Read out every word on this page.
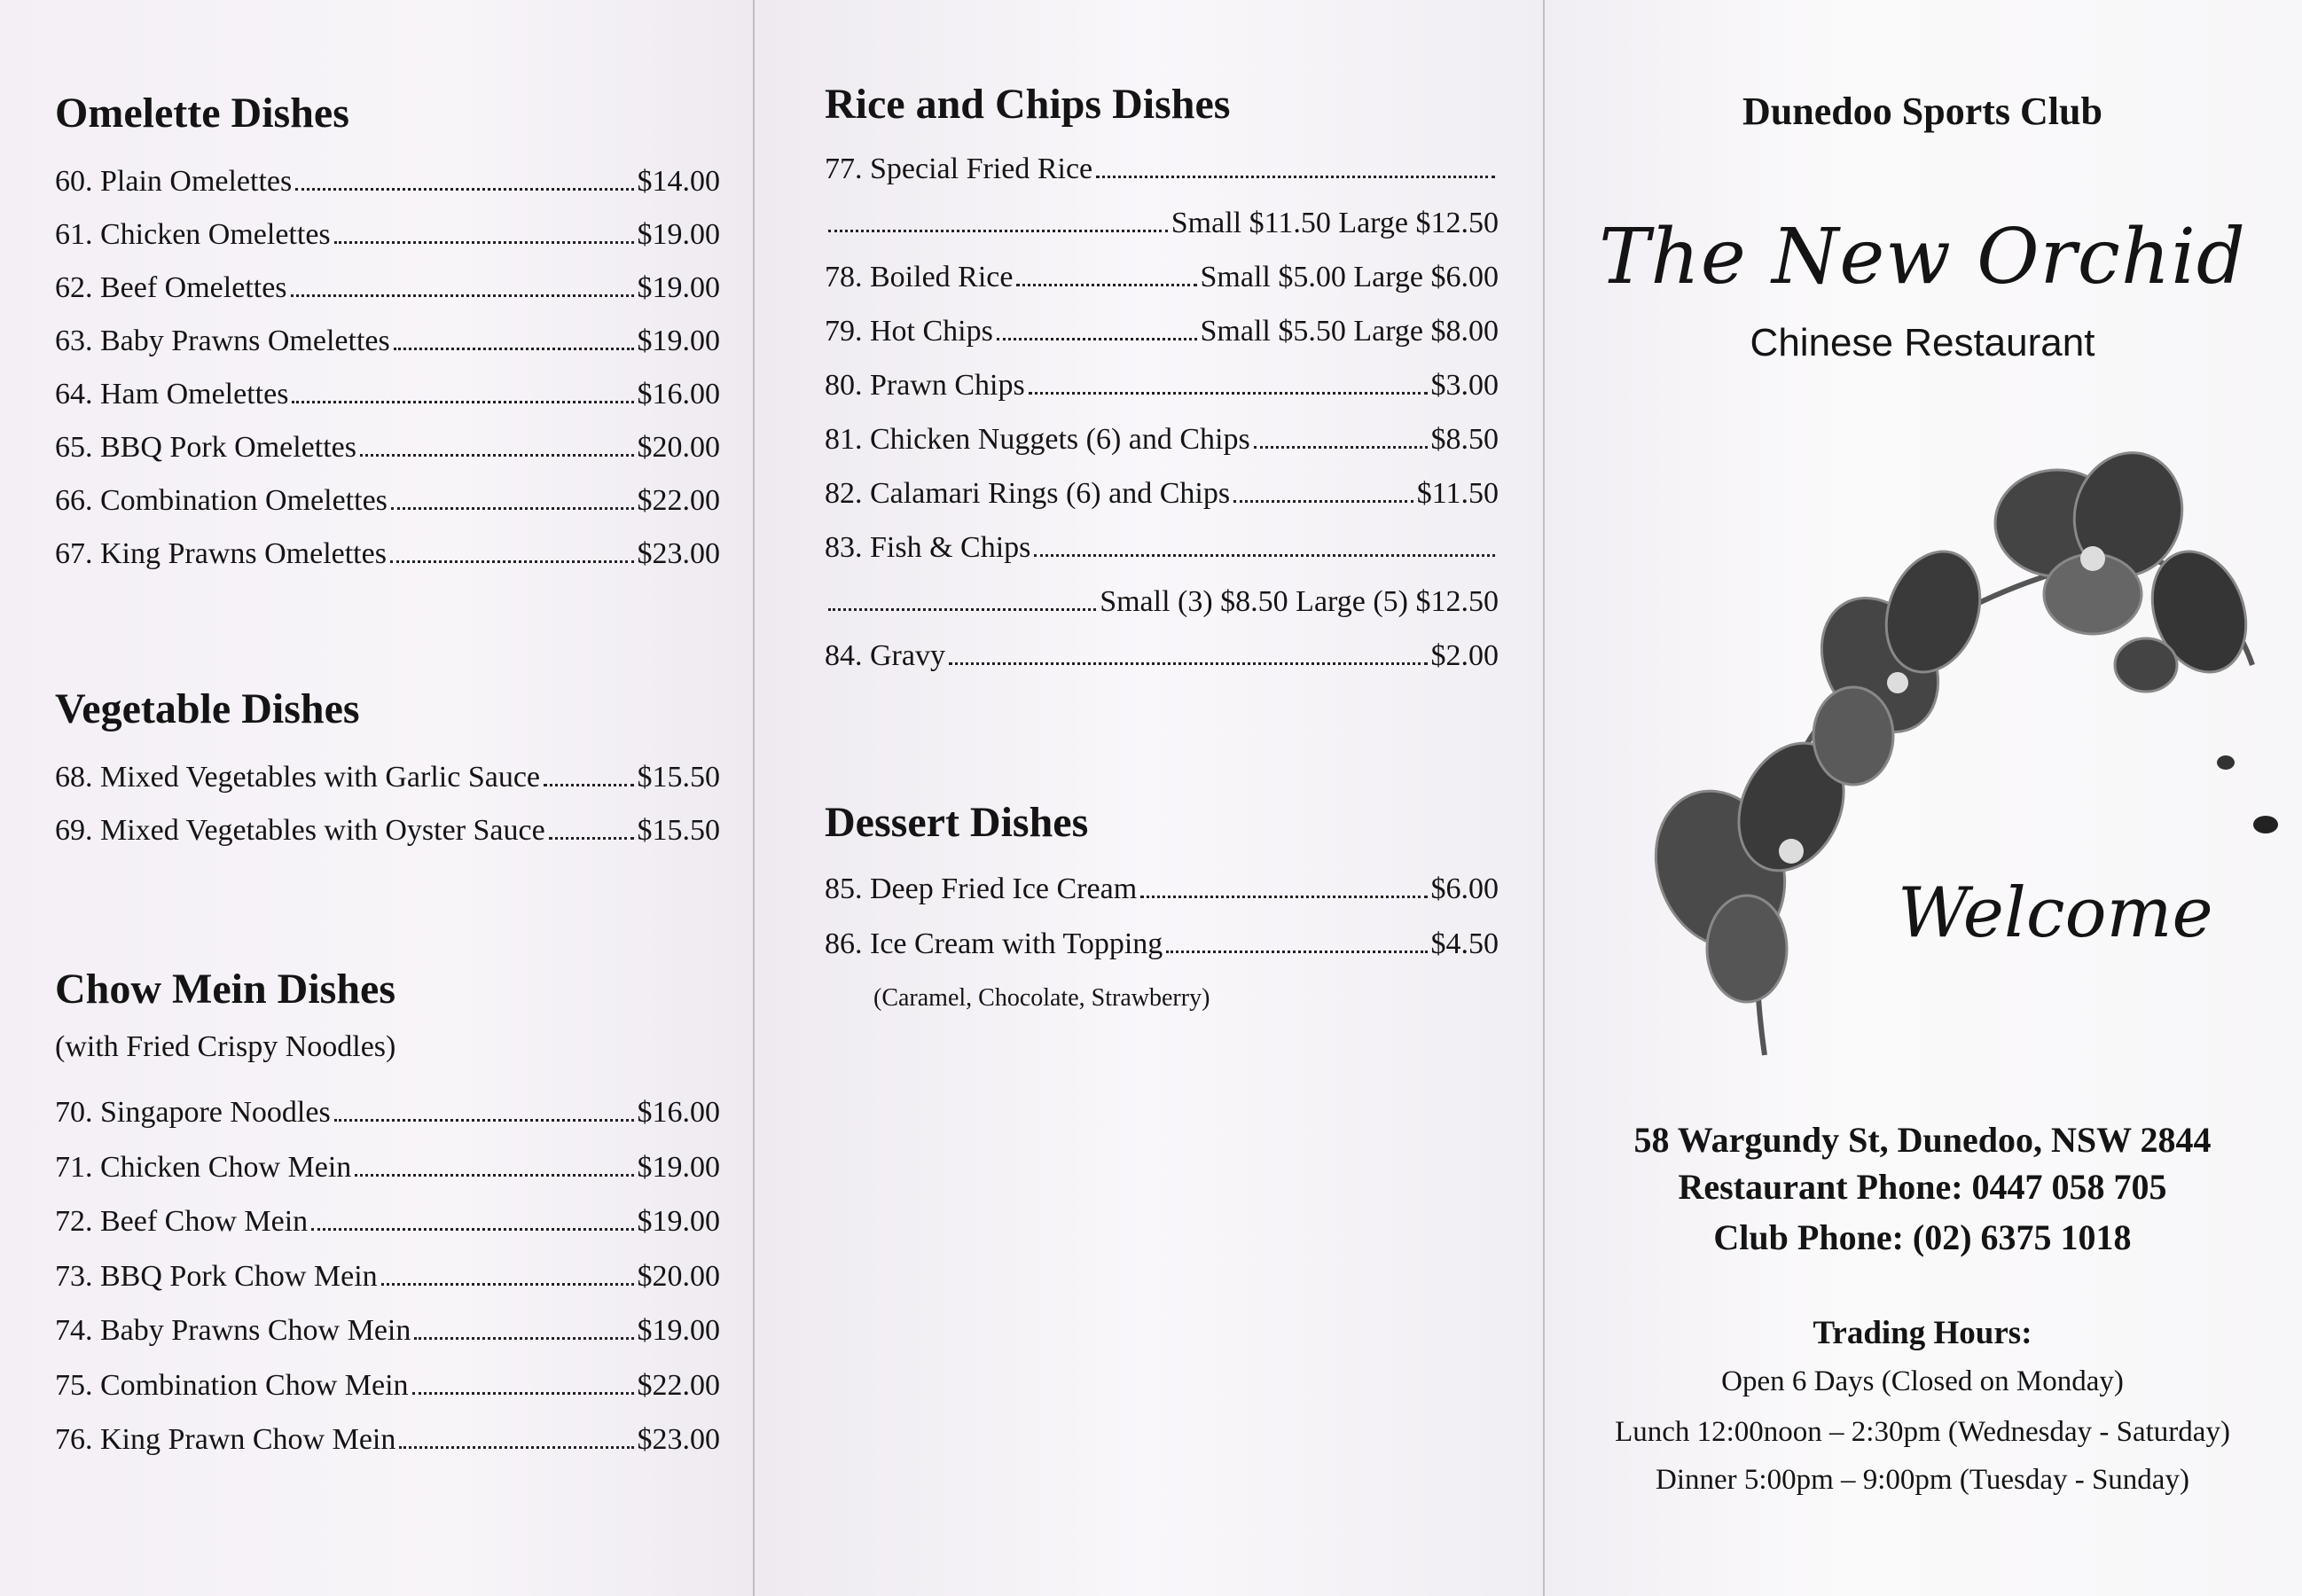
Omelette Dishes
60. Plain Omelettes	$14.00
61. Chicken Omelettes	$19.00
62. Beef Omelettes	$19.00
63. Baby Prawns Omelettes	$19.00
64. Ham Omelettes	$16.00
65. BBQ Pork Omelettes	$20.00
66. Combination Omelettes	$22.00
67. King Prawns Omelettes	$23.00
Vegetable Dishes
68. Mixed Vegetables with Garlic Sauce	$15.50
69. Mixed Vegetables with Oyster Sauce	$15.50
Chow Mein Dishes
(with Fried Crispy Noodles)
70. Singapore Noodles	$16.00
71. Chicken Chow Mein	$19.00
72. Beef Chow Mein	$19.00
73. BBQ Pork Chow Mein	$20.00
74. Baby Prawns Chow Mein	$19.00
75. Combination Chow Mein	$22.00
76. King Prawn Chow Mein	$23.00
Rice and Chips Dishes
77. Special Fried Rice
Small $11.50 Large $12.50
78. Boiled Rice	Small $5.00 Large $6.00
79. Hot Chips	Small $5.50 Large $8.00
80. Prawn Chips	$3.00
81. Chicken Nuggets (6) and Chips	$8.50
82. Calamari Rings (6) and Chips	$11.50
83. Fish & Chips
Small (3) $8.50 Large (5) $12.50
84. Gravy	$2.00
Dessert Dishes
85. Deep Fried Ice Cream	$6.00
86. Ice Cream with Topping	$4.50
(Caramel, Chocolate, Strawberry)
Dunedoo Sports Club
The New Orchid
Chinese Restaurant
Welcome
58 Wargundy St, Dunedoo, NSW 2844
Restaurant Phone: 0447 058 705
Club Phone: (02) 6375 1018
Trading Hours:
Open 6 Days (Closed on Monday)
Lunch 12:00noon – 2:30pm (Wednesday - Saturday)
Dinner 5:00pm – 9:00pm (Tuesday - Sunday)
